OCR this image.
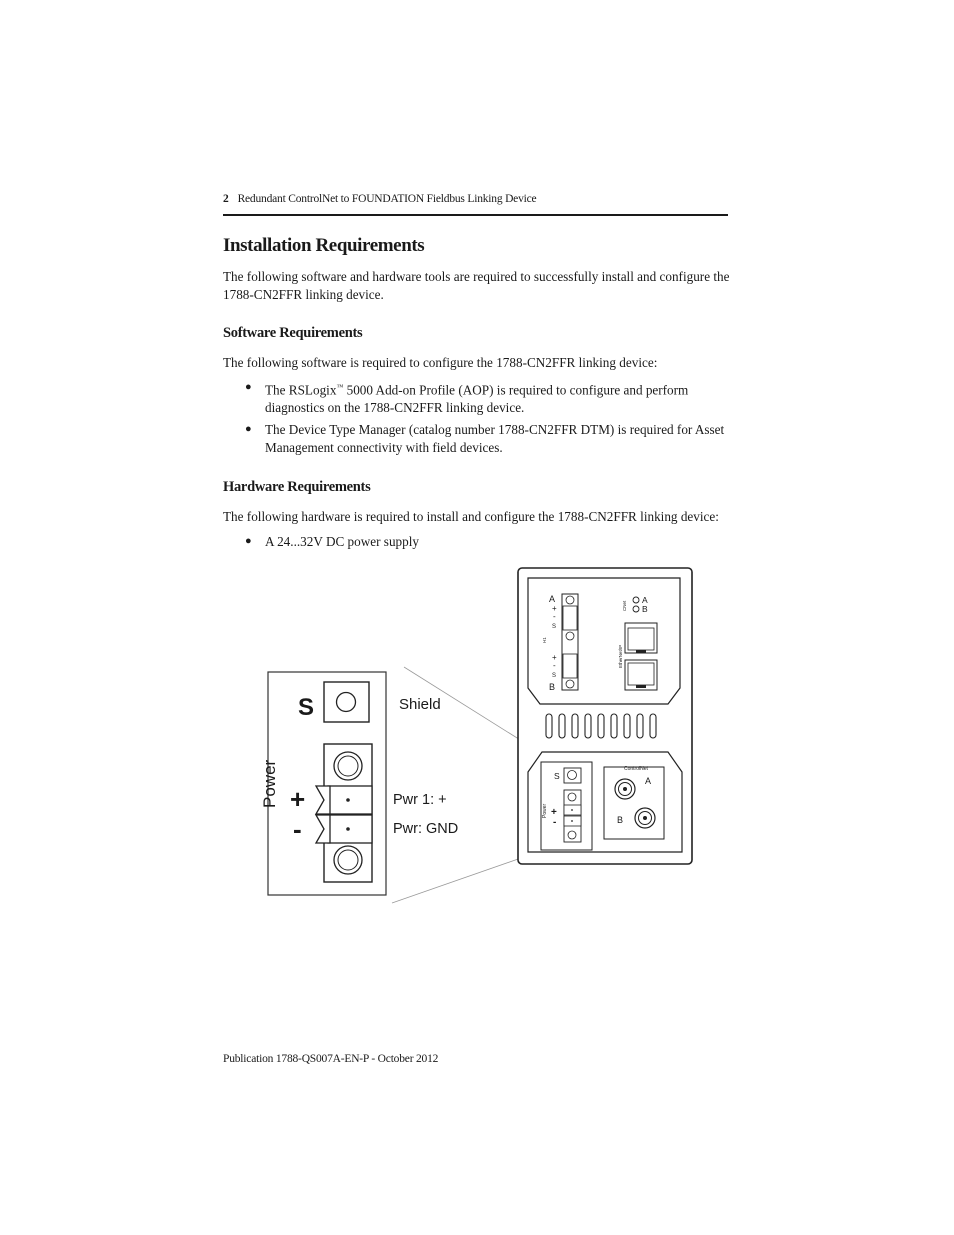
2 Redundant ControlNet to FOUNDATION Fieldbus Linking Device
Installation Requirements

The following software and hardware tools are required to successfully install and configure the 1788-CN2FFR linking device.

Software Requirements

The following software is required to configure the 1788-CN2FFR linking device:

● The RSLogix™ 5000 Add-on Profile (AOP) is required to configure and perform diagnostics on the 1788-CN2FFR linking device.

● The Device Type Manager (catalog number 1788-CN2FFR DTM) is required for Asset Management connectivity with field devices.

Hardware Requirements

The following hardware is required to install and configure the 1788-CN2FFR linking device:

● A 24...32V DC power supply

S	Shield
Power +
-
Pwr 1: +
Pwr: GND
A
B
+
-
S
+
-
S
H1
CNet
A
B
EtherNet/IP
S
+
-
Power
ControlNet
A
B
Publication 1788-QS007A-EN-P - October 2012
